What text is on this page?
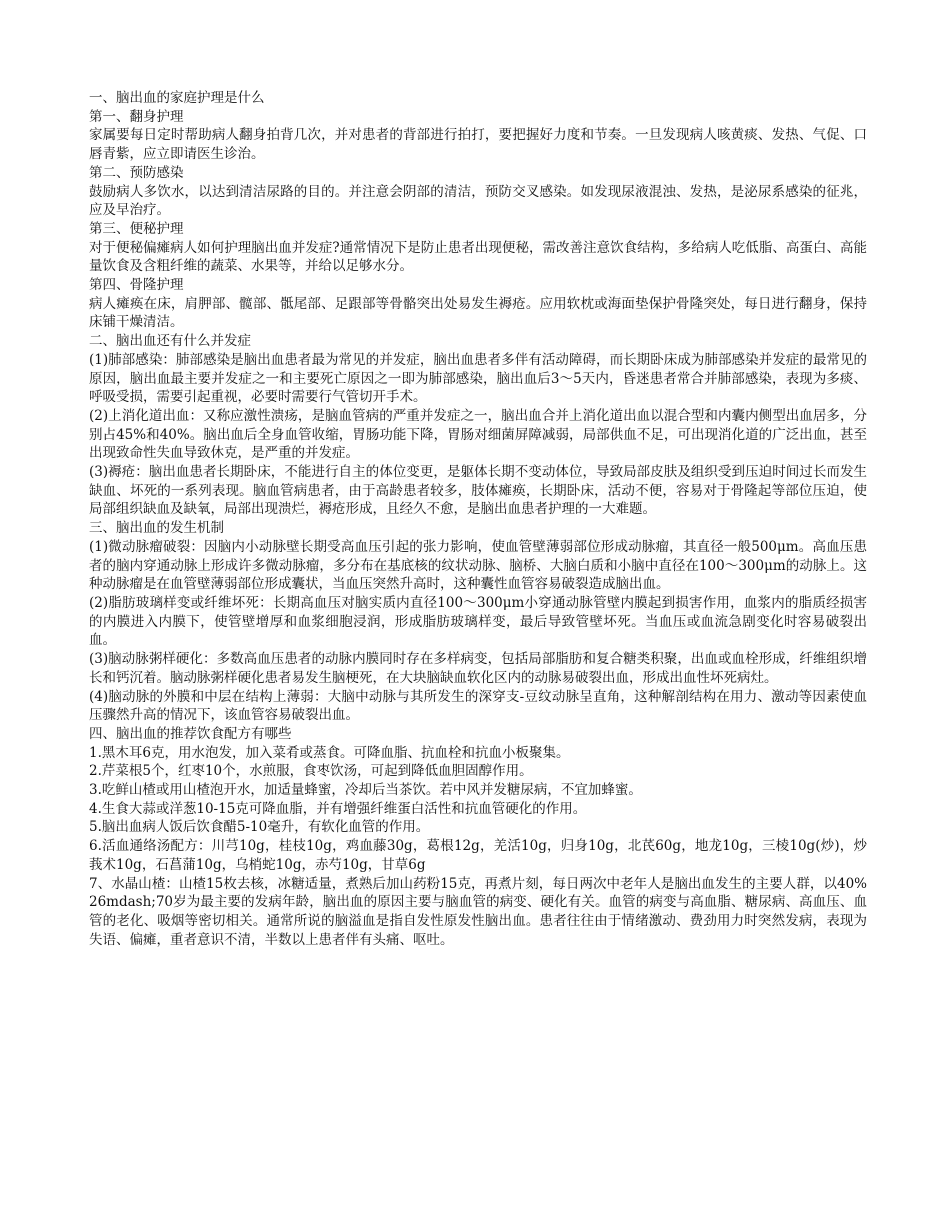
一、脑出血的家庭护理是什么

第一、翻身护理

家属要每日定时帮助病人翻身拍背几次，并对患者的背部进行拍打，要把握好力度和节奏。一旦发现病人咳黄痰、发热、气促、口唇青紫，应立即请医生诊治。

第二、预防感染

鼓励病人多饮水，以达到清洁尿路的目的。并注意会阴部的清洁，预防交叉感染。如发现尿液混浊、发热，是泌尿系感染的征兆，应及早治疗。

第三、便秘护理

对于便秘偏瘫病人如何护理脑出血并发症?通常情况下是防止患者出现便秘，需改善注意饮食结构，多给病人吃低脂、高蛋白、高能量饮食及含粗纤维的蔬菜、水果等，并给以足够水分。

第四、骨隆护理

病人瘫痪在床，肩胛部、髋部、骶尾部、足跟部等骨骼突出处易发生褥疮。应用软枕或海面垫保护骨隆突处，每日进行翻身，保持床铺干燥清洁。

二、脑出血还有什么并发症

(1)肺部感染：肺部感染是脑出血患者最为常见的并发症，脑出血患者多伴有活动障碍，而长期卧床成为肺部感染并发症的最常见的原因，脑出血最主要并发症之一和主要死亡原因之一即为肺部感染，脑出血后3～5天内，昏迷患者常合并肺部感染，表现为多痰、呼吸受损，需要引起重视，必要时需要行气管切开手术。

(2)上消化道出血：又称应激性溃疡，是脑血管病的严重并发症之一，脑出血合并上消化道出血以混合型和内囊内侧型出血居多，分别占45%和40%。脑出血后全身血管收缩，胃肠功能下降，胃肠对细菌屏障减弱，局部供血不足，可出现消化道的广泛出血，甚至出现致命性失血导致休克，是严重的并发症。

(3)褥疮：脑出血患者长期卧床，不能进行自主的体位变更，是躯体长期不变动体位，导致局部皮肤及组织受到压迫时间过长而发生缺血、坏死的一系列表现。脑血管病患者，由于高龄患者较多，肢体瘫痪，长期卧床，活动不便，容易对于骨隆起等部位压迫，使局部组织缺血及缺氧，局部出现溃烂，褥疮形成，且经久不愈，是脑出血患者护理的一大难题。

三、脑出血的发生机制

(1)微动脉瘤破裂：因脑内小动脉壁长期受高血压引起的张力影响，使血管壁薄弱部位形成动脉瘤，其直径一般500μm。高血压患者的脑内穿通动脉上形成许多微动脉瘤，多分布在基底核的纹状动脉、脑桥、大脑白质和小脑中直径在100～300μm的动脉上。这种动脉瘤是在血管壁薄弱部位形成囊状，当血压突然升高时，这种囊性血管容易破裂造成脑出血。

(2)脂肪玻璃样变或纤维坏死：长期高血压对脑实质内直径100～300μm小穿通动脉管壁内膜起到损害作用，血浆内的脂质经损害的内膜进入内膜下，使管壁增厚和血浆细胞浸润，形成脂肪玻璃样变，最后导致管壁坏死。当血压或血流急剧变化时容易破裂出血。

(3)脑动脉粥样硬化：多数高血压患者的动脉内膜同时存在多样病变，包括局部脂肪和复合糖类积聚，出血或血栓形成，纤维组织增长和钙沉着。脑动脉粥样硬化患者易发生脑梗死，在大块脑缺血软化区内的动脉易破裂出血，形成出血性坏死病灶。

(4)脑动脉的外膜和中层在结构上薄弱：大脑中动脉与其所发生的深穿支-豆纹动脉呈直角，这种解剖结构在用力、激动等因素使血压骤然升高的情况下，该血管容易破裂出血。

四、脑出血的推荐饮食配方有哪些

1.黑木耳6克，用水泡发，加入菜肴或蒸食。可降血脂、抗血栓和抗血小板聚集。

2.芹菜根5个，红枣10个，水煎服，食枣饮汤，可起到降低血胆固醇作用。

3.吃鲜山楂或用山楂泡开水，加适量蜂蜜，冷却后当茶饮。若中风并发糖尿病，不宜加蜂蜜。

4.生食大蒜或洋葱10-15克可降血脂，并有增强纤维蛋白活性和抗血管硬化的作用。

5.脑出血病人饭后饮食醋5-10毫升，有软化血管的作用。

6.活血通络汤配方：川芎10g，桂枝10g，鸡血藤30g，葛根12g，羌活10g，归身10g，北芪60g，地龙10g，三棱10g(炒)，炒莪术10g，石菖蒲10g，乌梢蛇10g，赤芍10g，甘草6g

7、水晶山楂：山楂15枚去核，冰糖适量，煮熟后加山药粉15克，再煮片刻，每日两次中老年人是脑出血发生的主要人群，以40%26mdash;70岁为最主要的发病年龄，脑出血的原因主要与脑血管的病变、硬化有关。血管的病变与高血脂、糖尿病、高血压、血管的老化、吸烟等密切相关。通常所说的脑溢血是指自发性原发性脑出血。患者往往由于情绪激动、费劲用力时突然发病，表现为失语、偏瘫，重者意识不清，半数以上患者伴有头痛、呕吐。
